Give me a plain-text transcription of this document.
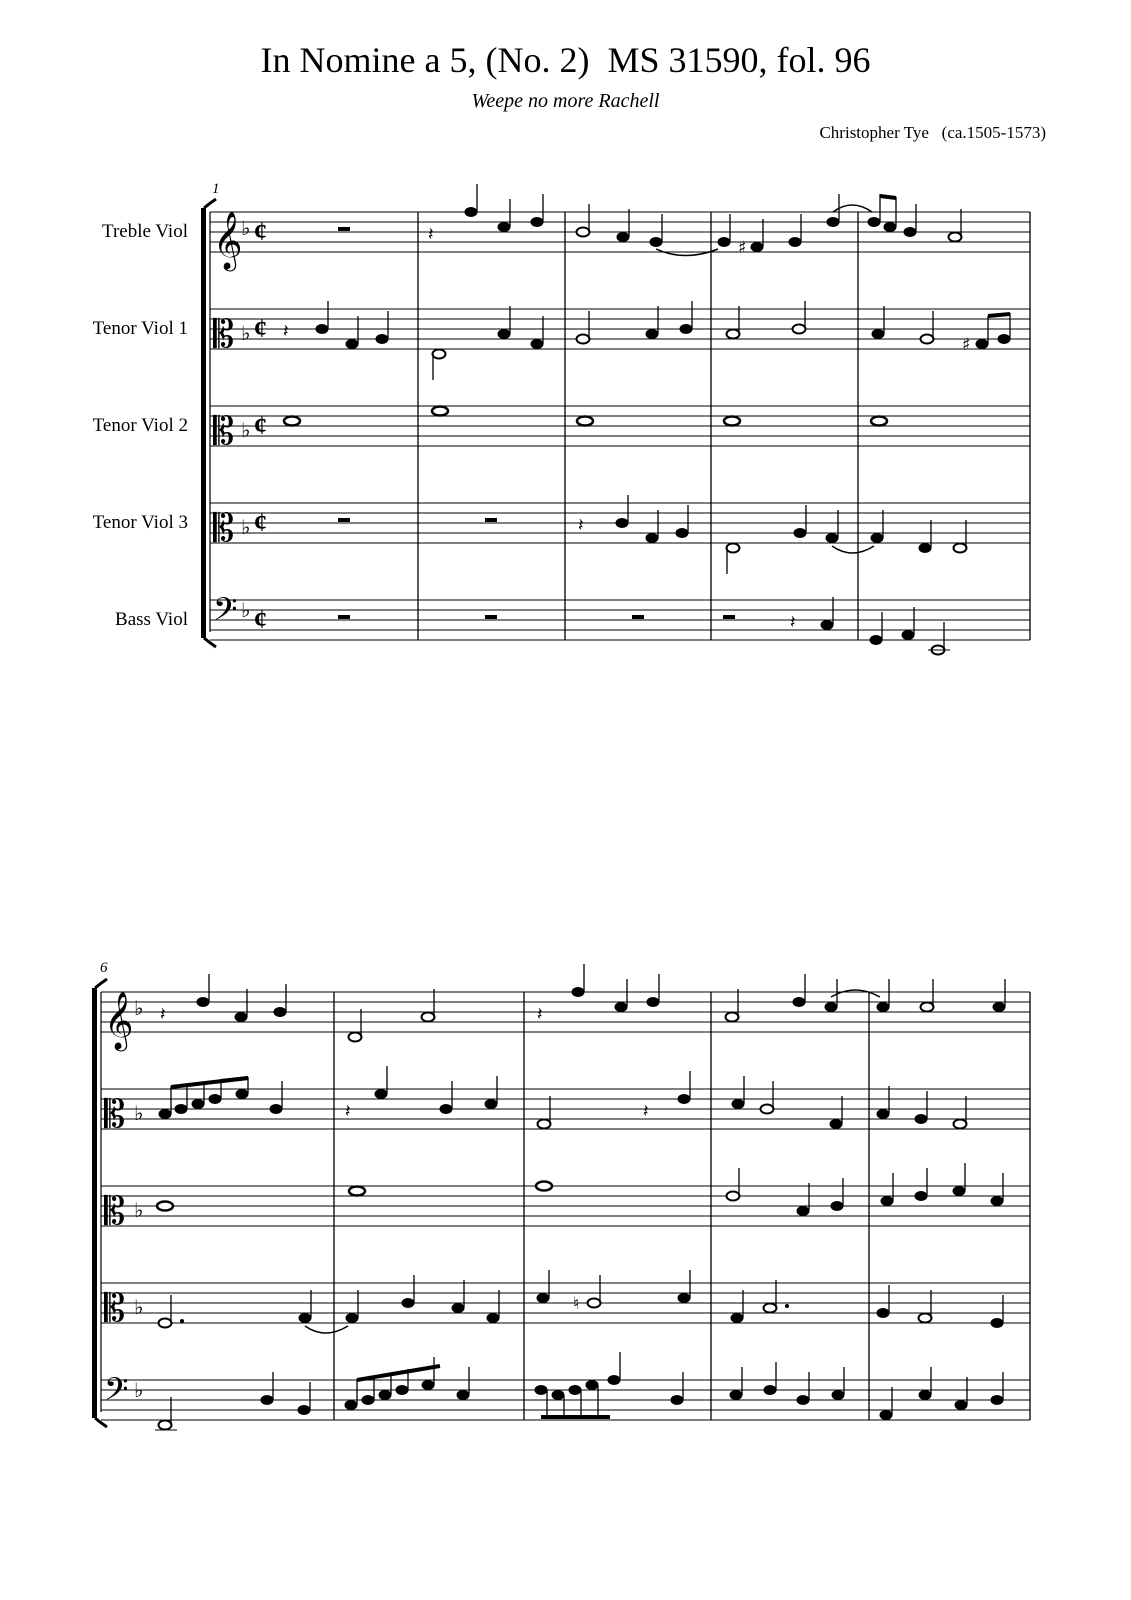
In Nomine a 5, (No. 2)  MS 31590, fol. 96
Weepe no more Rachell
Christopher Tye   (ca.1505-1573)
1
Treble Viol
Tenor Viol 1
Tenor Viol 2
Tenor Viol 3
Bass Viol
𝄞
𝄡
𝄡
𝄡
𝄢
♭
♭
♭
♭
♭
¢
¢
¢
¢
¢
𝄽
♯
𝄽
♯
𝄽
𝄽
6
𝄞
𝄡
𝄡
𝄡
𝄢
♭
♭
♭
♭
♭
𝄽	𝄽
𝄽	𝄽
♮
